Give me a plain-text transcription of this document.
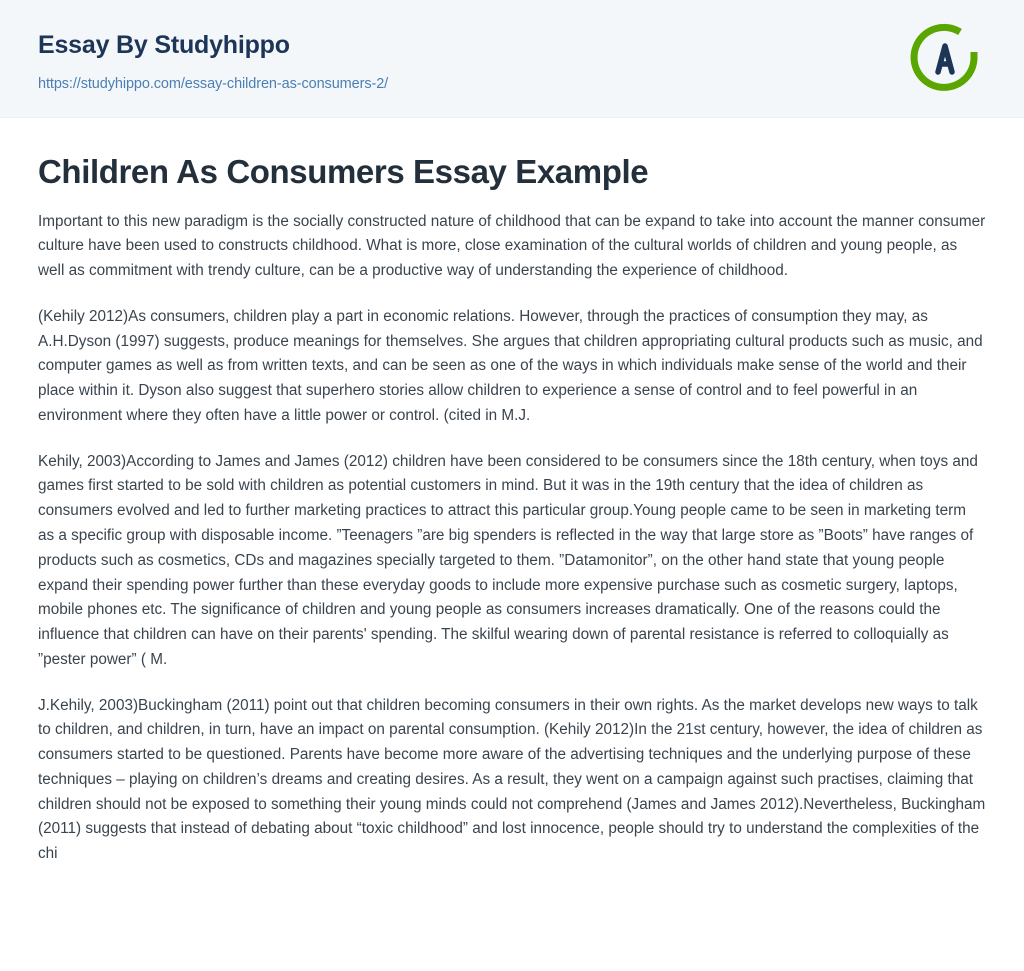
Essay By Studyhippo
https://studyhippo.com/essay-children-as-consumers-2/
Children As Consumers Essay Example

Important to this new paradigm is the socially constructed nature of childhood that can be expand to take into account the manner consumer culture have been used to constructs childhood. What is more, close examination of the cultural worlds of children and young people, as well as commitment with trendy culture, can be a productive way of understanding the experience of childhood.

(Kehily 2012)As consumers, children play a part in economic relations. However, through the practices of consumption they may, as A.H.Dyson (1997) suggests, produce meanings for themselves. She argues that children appropriating cultural products such as music, and computer games as well as from written texts, and can be seen as one of the ways in which individuals make sense of the world and their place within it. Dyson also suggest that superhero stories allow children to experience a sense of control and to feel powerful in an environment where they often have a little power or control. (cited in M.J.

Kehily, 2003)According to James and James (2012) children have been considered to be consumers since the 18th century, when toys and games first started to be sold with children as potential customers in mind. But it was in the 19th century that the idea of children as consumers evolved and led to further marketing practices to attract this particular group.Young people came to be seen in marketing term as a specific group with disposable income. ”Teenagers ”are big spenders is reflected in the way that large store as ”Boots” have ranges of products such as cosmetics, CDs and magazines specially targeted to them. ”Datamonitor”, on the other hand state that young people expand their spending power further than these everyday goods to include more expensive purchase such as cosmetic surgery, laptops, mobile phones etc. The significance of children and young people as consumers increases dramatically. One of the reasons could the influence that children can have on their parents' spending. The skilful wearing down of parental resistance is referred to colloquially as ”pester power” ( M.

J.Kehily, 2003)Buckingham (2011) point out that children becoming consumers in their own rights. As the market develops new ways to talk to children, and children, in turn, have an impact on parental consumption. (Kehily 2012)In the 21st century, however, the idea of children as consumers started to be questioned. Parents have become more aware of the advertising techniques and the underlying purpose of these techniques – playing on children’s dreams and creating desires. As a result, they went on a campaign against such practises, claiming that children should not be exposed to something their young minds could not comprehend (James and James 2012).Nevertheless, Buckingham (2011) suggests that instead of debating about “toxic childhood” and lost innocence, people should try to understand the complexities of the chi
